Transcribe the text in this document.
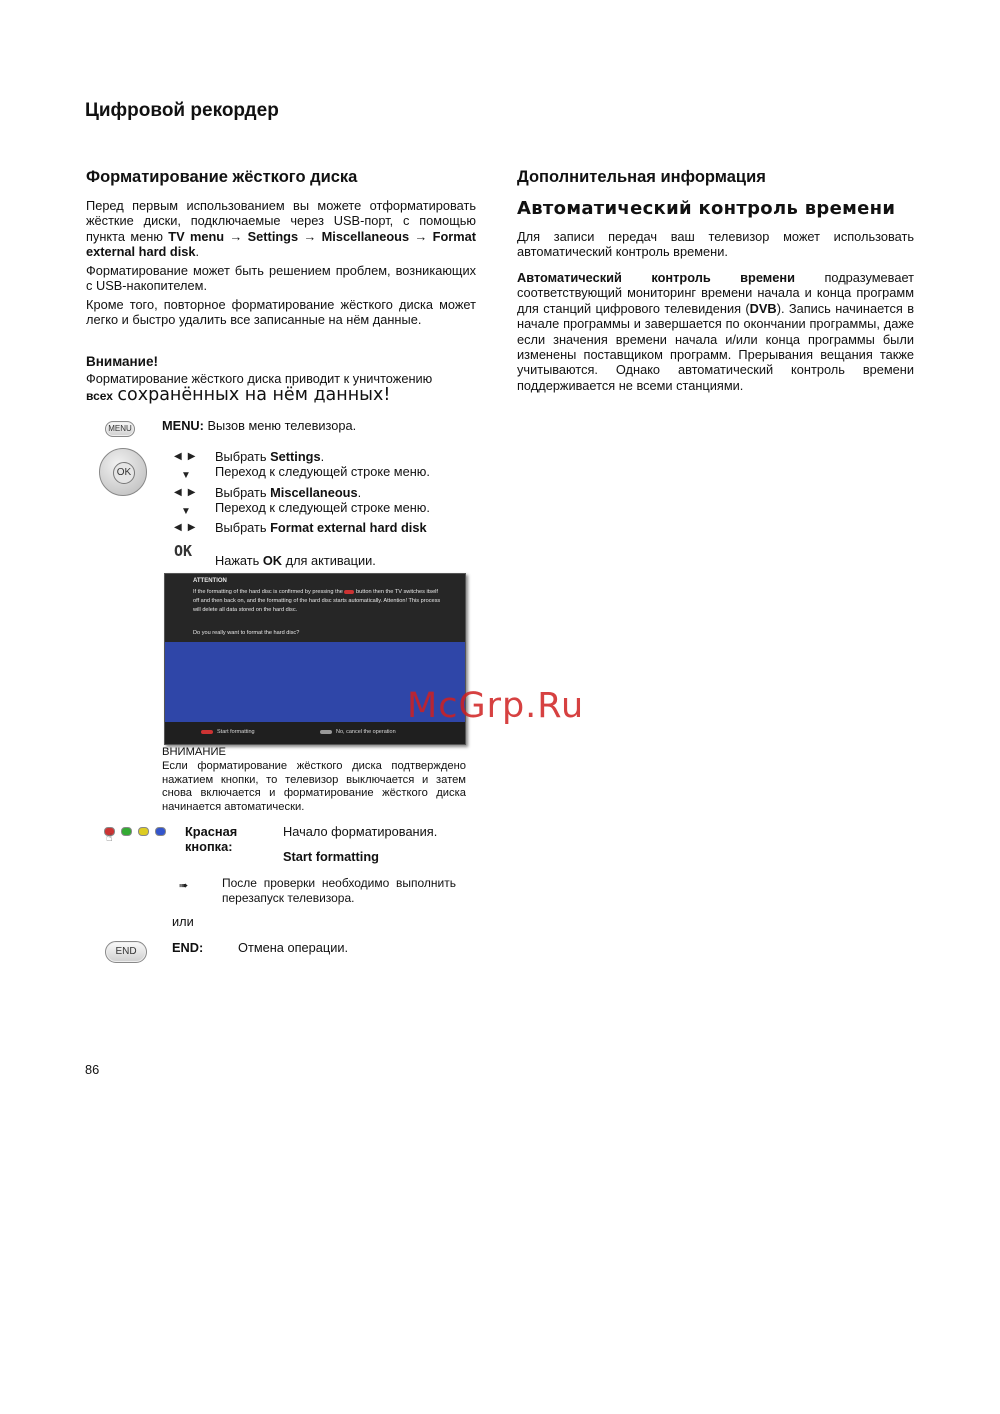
Цифровой рекордер
Форматирование жёсткого диска
Перед первым использованием вы можете отформатировать жёсткие диски, подключаемые через USB-порт, с помощью пункта меню TV menu → Settings → Miscellaneous → Format external hard disk.
Форматирование может быть решением проблем, возникающих с USB-накопителем.
Кроме того, повторное форматирование жёсткого диска может легко и быстро удалить все записанные на нём данные.
Внимание!
Форматирование жёсткого диска приводит к уничтожению
всех сохранённых на нём данных!
MENU MENU: Вызов меню телевизора.
OK
◀▶ Выбрать Settings.
▼ Переход к следующей строке меню.
◀▶ Выбрать Miscellaneous.
▼ Переход к следующей строке меню.
◀▶ Выбрать Format external hard disk
OK
Нажать OK для активации.
ATTENTION
If the formatting of the hard disc is confirmed by pressing the button then the TV switches itself off and then back on, and the formatting of the hard disc starts automatically. Attention! This process will delete all data stored on the hard disc.
Do you really want to format the hard disc?
Start formatting	No, cancel the operation
ВНИМАНИЕ
Если форматирование жёсткого диска подтверждено нажатием кнопки, то телевизор выключается и затем снова включается и форматирование жёсткого диска начинается автоматически.
☝	Красная кнопка:
Начало форматирования.
Start formatting
➠	После проверки необходимо выполнить перезапуск телевизора.
или
END	END:	Отмена операции.
86
Дополнительная информация
Автоматический контроль времени
Для записи передач ваш телевизор может использовать автоматический контроль времени.
Автоматический контроль времени подразумевает соответствующий мониторинг времени начала и конца программ для станций цифрового телевидения (DVB). Запись начинается в начале программы и завершается по окончании программы, даже если значения времени начала и/или конца программы были изменены поставщиком программ. Прерывания вещания также учитываются. Однако автоматический контроль времени поддерживается не всеми станциями.
McGrp.Ru
